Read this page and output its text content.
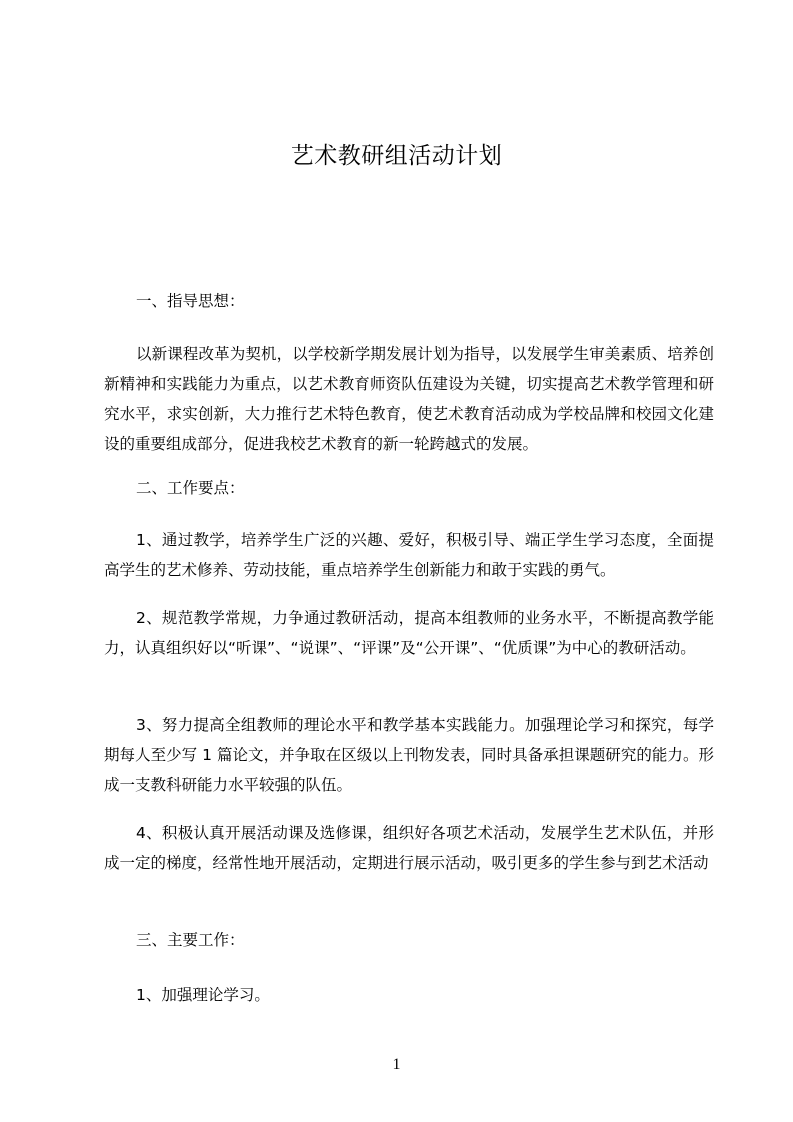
艺术教研组活动计划
一、指导思想：
以新课程改革为契机，以学校新学期发展计划为指导，以发展学生审美素质、培养创新精神和实践能力为重点，以艺术教育师资队伍建设为关键，切实提高艺术教学管理和研究水平，求实创新，大力推行艺术特色教育，使艺术教育活动成为学校品牌和校园文化建设的重要组成部分，促进我校艺术教育的新一轮跨越式的发展。
二、工作要点：
1、通过教学，培养学生广泛的兴趣、爱好，积极引导、端正学生学习态度，全面提高学生的艺术修养、劳动技能，重点培养学生创新能力和敢于实践的勇气。
2、规范教学常规，力争通过教研活动，提高本组教师的业务水平，不断提高教学能力，认真组织好以“听课”、“说课”、“评课”及“公开课”、“优质课”为中心的教研活动。
3、努力提高全组教师的理论水平和教学基本实践能力。加强理论学习和探究，每学期每人至少写 1 篇论文，并争取在区级以上刊物发表，同时具备承担课题研究的能力。形成一支教科研能力水平较强的队伍。
4、积极认真开展活动课及选修课，组织好各项艺术活动，发展学生艺术队伍，并形成一定的梯度，经常性地开展活动，定期进行展示活动，吸引更多的学生参与到艺术活动
三、主要工作：
1、加强理论学习。
1
